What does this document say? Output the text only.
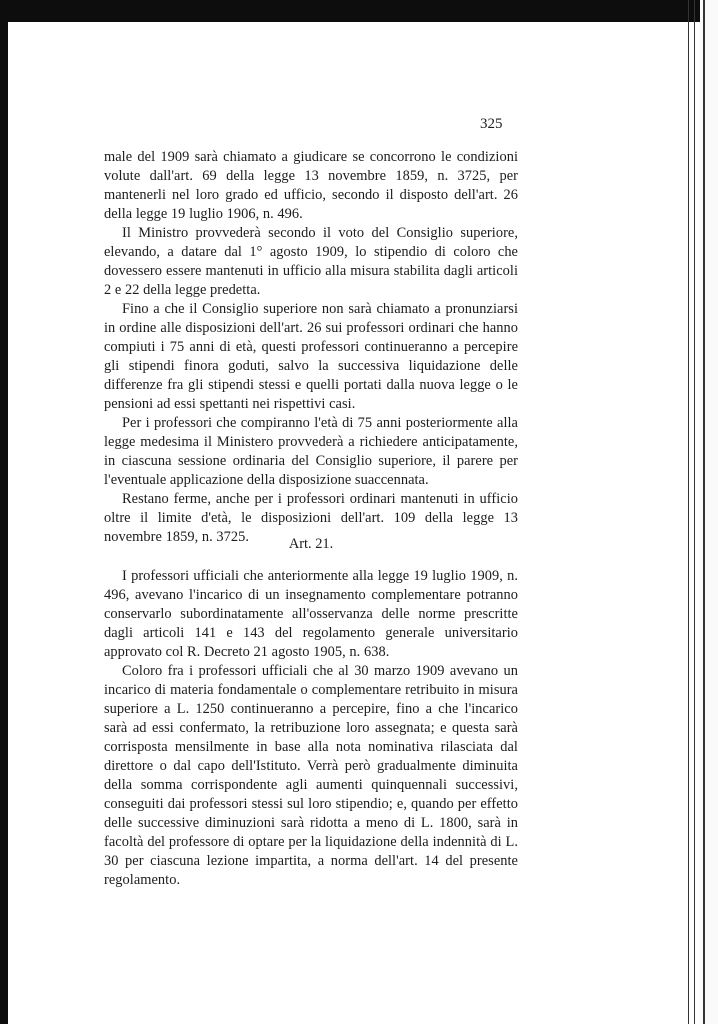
325

male del 1909 sarà chiamato a giudicare se concorrono le condizioni volute dall'art. 69 della legge 13 novembre 1859, n. 3725, per mantenerli nel loro grado ed ufficio, secondo il disposto dell'art. 26 della legge 19 luglio 1906, n. 496.

Il Ministro provvederà secondo il voto del Consiglio superiore, elevando, a datare dal 1° agosto 1909, lo stipendio di coloro che dovessero essere mantenuti in ufficio alla misura stabilita dagli articoli 2 e 22 della legge predetta.

Fino a che il Consiglio superiore non sarà chiamato a pronunziarsi in ordine alle disposizioni dell'art. 26 sui professori ordinari che hanno compiuti i 75 anni di età, questi professori continueranno a percepire gli stipendi finora goduti, salvo la successiva liquidazione delle differenze fra gli stipendi stessi e quelli portati dalla nuova legge o le pensioni ad essi spettanti nei rispettivi casi.

Per i professori che compiranno l'età di 75 anni posteriormente alla legge medesima il Ministero provvederà a richiedere anticipatamente, in ciascuna sessione ordinaria del Consiglio superiore, il parere per l'eventuale applicazione della disposizione suaccennata.

Restano ferme, anche per i professori ordinari mantenuti in ufficio oltre il limite d'età, le disposizioni dell'art. 109 della legge 13 novembre 1859, n. 3725.	Art. 21.

I professori ufficiali che anteriormente alla legge 19 luglio 1909, n. 496, avevano l'incarico di un insegnamento complementare potranno conservarlo subordinatamente all'osservanza delle norme prescritte dagli articoli 141 e 143 del regolamento generale universitario approvato col R. Decreto 21 agosto 1905, n. 638.

Coloro fra i professori ufficiali che al 30 marzo 1909 avevano un incarico di materia fondamentale o complementare retribuito in misura superiore a L. 1250 continueranno a percepire, fino a che l'incarico sarà ad essi confermato, la retribuzione loro assegnata; e questa sarà corrisposta mensilmente in base alla nota nominativa rilasciata dal direttore o dal capo dell'Istituto. Verrà però gradualmente diminuita della somma corrispondente agli aumenti quinquennali successivi, conseguiti dai professori stessi sul loro stipendio; e, quando per effetto delle successive diminuzioni sarà ridotta a meno di L. 1800, sarà in facoltà del professore di optare per la liquidazione della indennità di L. 30 per ciascuna lezione impartita, a norma dell'art. 14 del presente regolamento.
